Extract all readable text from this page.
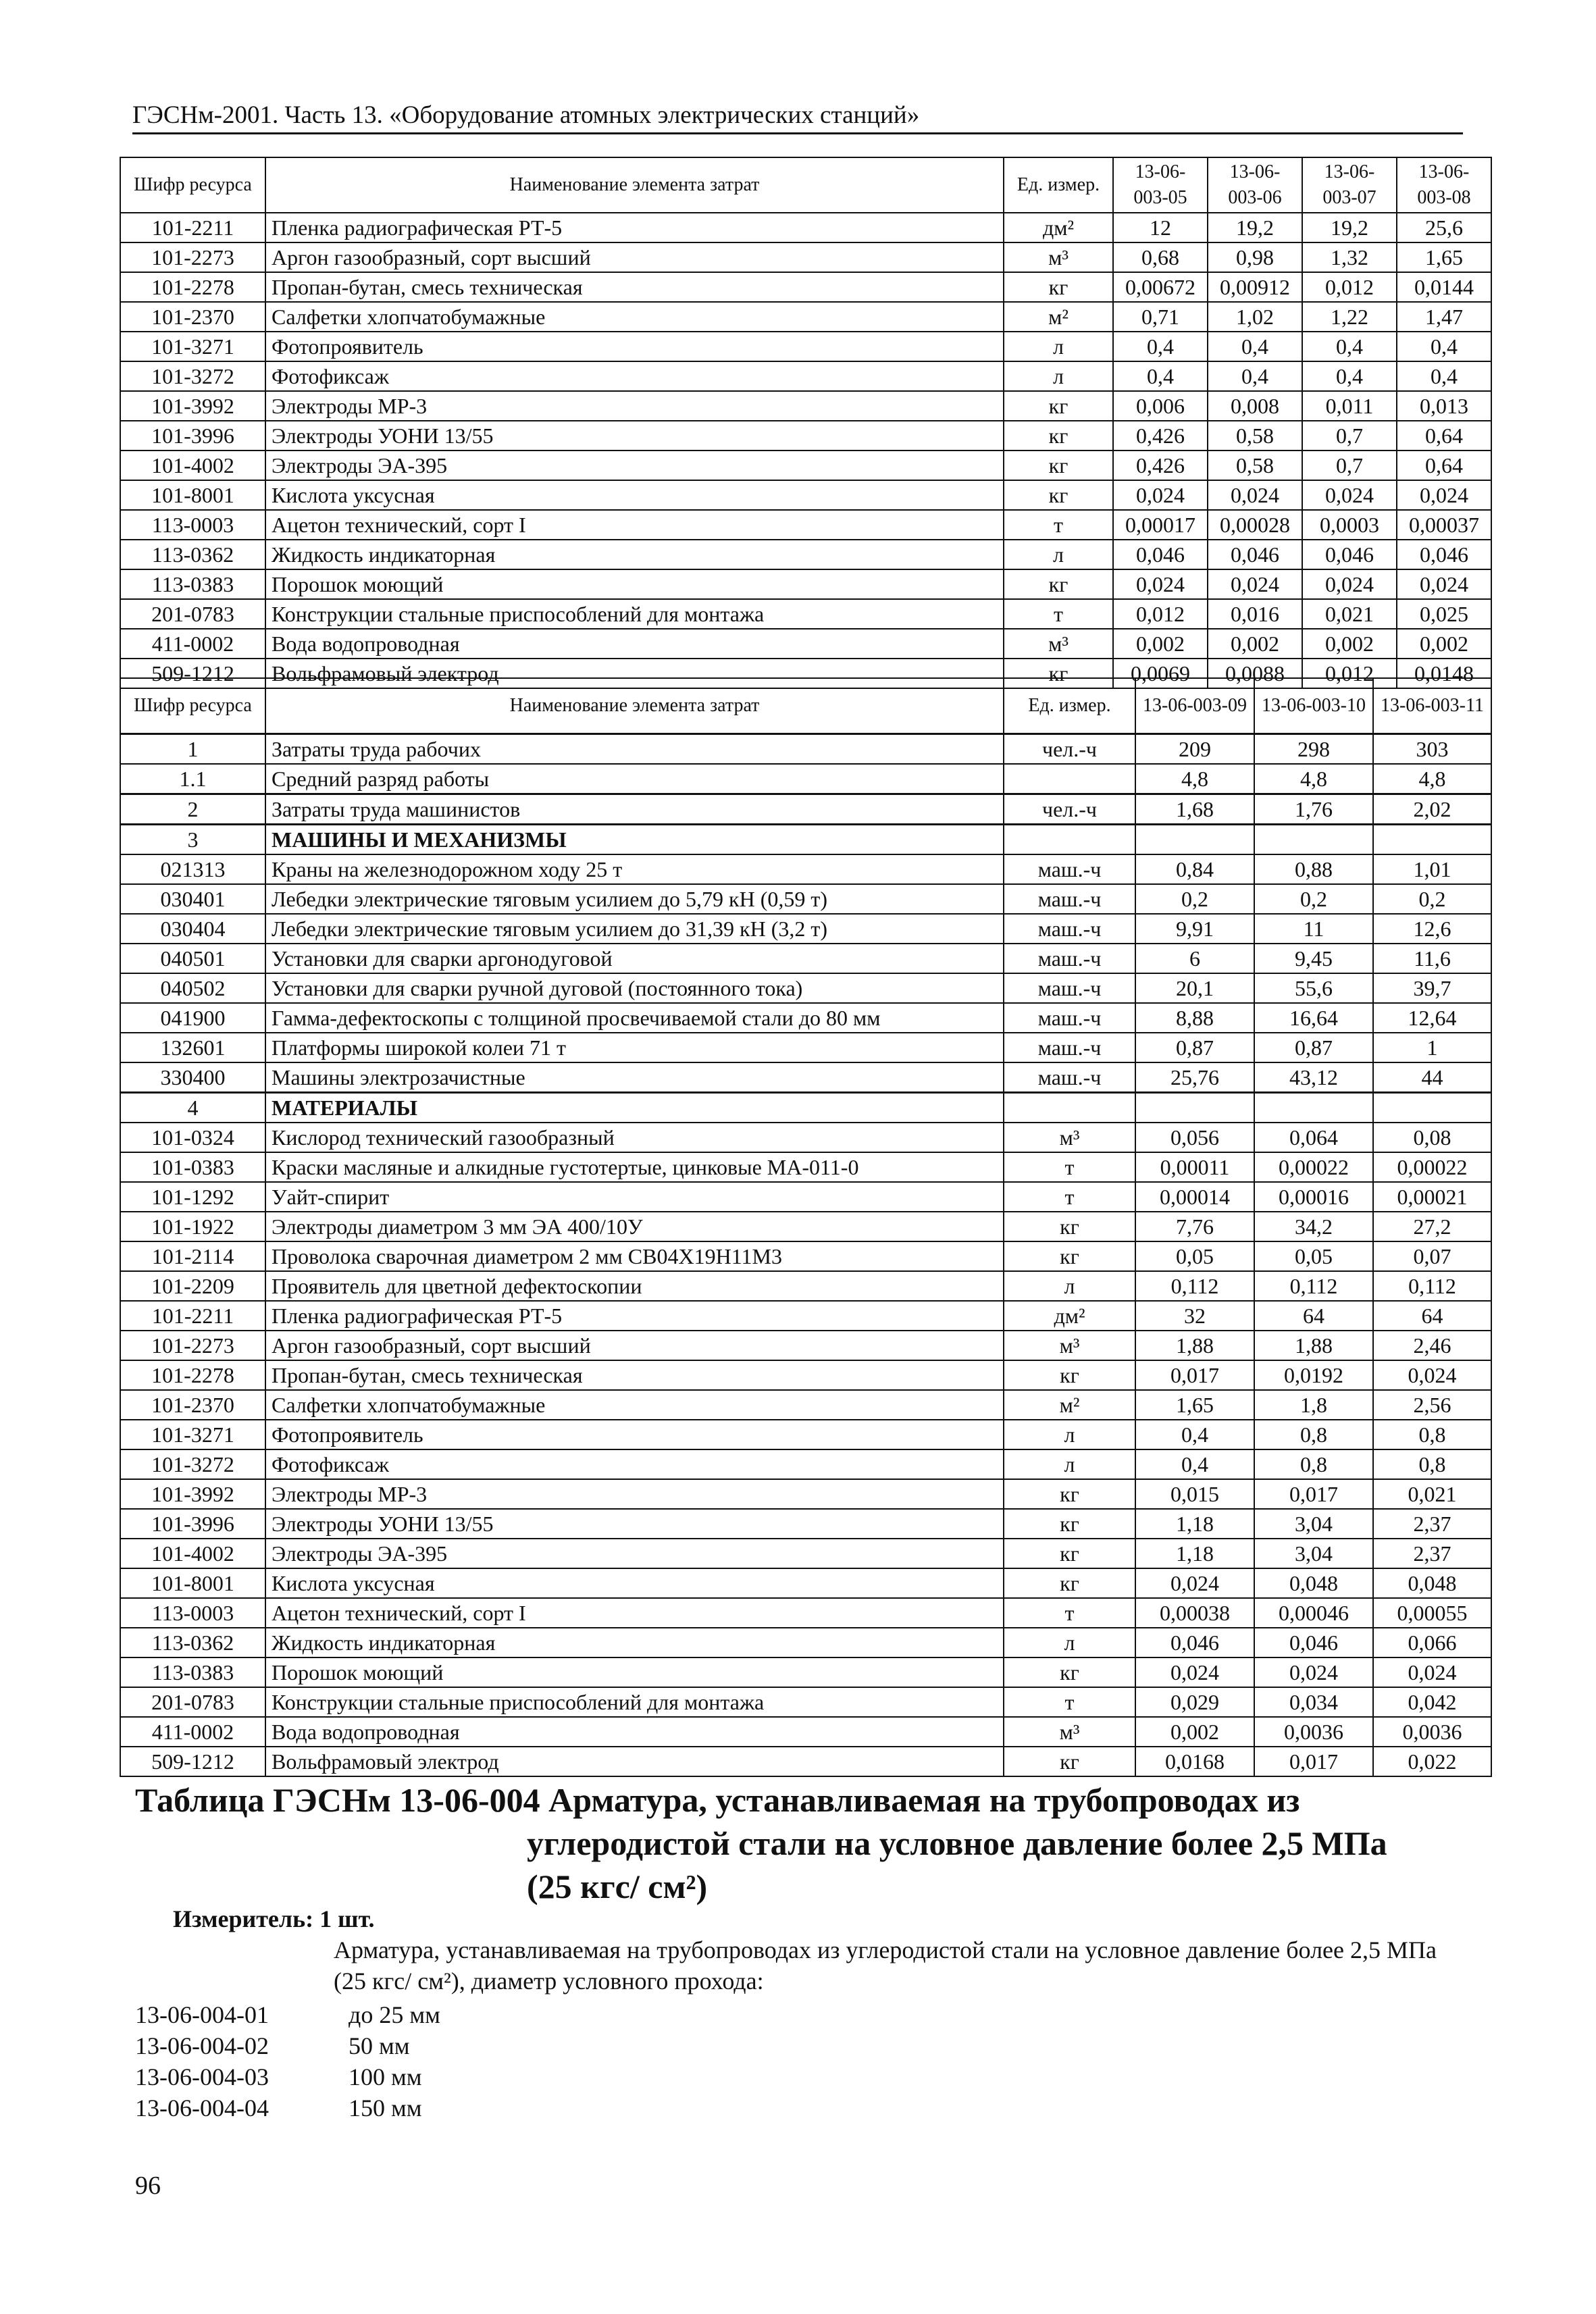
ГЭСНм-2001. Часть 13. «Оборудование атомных электрических станций»
Шифр ресурса	Наименование элемента затрат	Ед. измер.	13-06-003-05	13-06-003-06	13-06-003-07	13-06-003-08
101-2211	Пленка радиографическая РТ-5	дм²	12	19,2	19,2	25,6
101-2273	Аргон газообразный, сорт высший	м³	0,68	0,98	1,32	1,65
101-2278	Пропан-бутан, смесь техническая	кг	0,00672	0,00912	0,012	0,0144
101-2370	Салфетки хлопчатобумажные	м²	0,71	1,02	1,22	1,47
101-3271	Фотопроявитель	л	0,4	0,4	0,4	0,4
101-3272	Фотофиксаж	л	0,4	0,4	0,4	0,4
101-3992	Электроды МР-3	кг	0,006	0,008	0,011	0,013
101-3996	Электроды УОНИ 13/55	кг	0,426	0,58	0,7	0,64
101-4002	Электроды ЭА-395	кг	0,426	0,58	0,7	0,64
101-8001	Кислота уксусная	кг	0,024	0,024	0,024	0,024
113-0003	Ацетон технический, сорт I	т	0,00017	0,00028	0,0003	0,00037
113-0362	Жидкость индикаторная	л	0,046	0,046	0,046	0,046
113-0383	Порошок моющий	кг	0,024	0,024	0,024	0,024
201-0783	Конструкции стальные приспособлений для монтажа	т	0,012	0,016	0,021	0,025
411-0002	Вода водопроводная	м³	0,002	0,002	0,002	0,002
509-1212	Вольфрамовый электрод	кг	0,0069	0,0088	0,012	0,0148
Шифр ресурса	Наименование элемента затрат	Ед. измер.	13-06-003-09	13-06-003-10	13-06-003-11
1	Затраты труда рабочих	чел.-ч	209	298	303
1.1	Средний разряд работы		4,8	4,8	4,8
2	Затраты труда машинистов	чел.-ч	1,68	1,76	2,02
3	МАШИНЫ И МЕХАНИЗМЫ				
021313	Краны на железнодорожном ходу 25 т	маш.-ч	0,84	0,88	1,01
030401	Лебедки электрические тяговым усилием до 5,79 кН (0,59 т)	маш.-ч	0,2	0,2	0,2
030404	Лебедки электрические тяговым усилием до 31,39 кН (3,2 т)	маш.-ч	9,91	11	12,6
040501	Установки для сварки аргонодуговой	маш.-ч	6	9,45	11,6
040502	Установки для сварки ручной дуговой (постоянного тока)	маш.-ч	20,1	55,6	39,7
041900	Гамма-дефектоскопы с толщиной просвечиваемой стали до 80 мм	маш.-ч	8,88	16,64	12,64
132601	Платформы широкой колеи 71 т	маш.-ч	0,87	0,87	1
330400	Машины электрозачистные	маш.-ч	25,76	43,12	44
4	МАТЕРИАЛЫ				
101-0324	Кислород технический газообразный	м³	0,056	0,064	0,08
101-0383	Краски масляные и алкидные густотертые, цинковые МА-011-0	т	0,00011	0,00022	0,00022
101-1292	Уайт-спирит	т	0,00014	0,00016	0,00021
101-1922	Электроды диаметром 3 мм ЭА 400/10У	кг	7,76	34,2	27,2
101-2114	Проволока сварочная диаметром 2 мм СВ04Х19Н11М3	кг	0,05	0,05	0,07
101-2209	Проявитель для цветной дефектоскопии	л	0,112	0,112	0,112
101-2211	Пленка радиографическая РТ-5	дм²	32	64	64
101-2273	Аргон газообразный, сорт высший	м³	1,88	1,88	2,46
101-2278	Пропан-бутан, смесь техническая	кг	0,017	0,0192	0,024
101-2370	Салфетки хлопчатобумажные	м²	1,65	1,8	2,56
101-3271	Фотопроявитель	л	0,4	0,8	0,8
101-3272	Фотофиксаж	л	0,4	0,8	0,8
101-3992	Электроды МР-3	кг	0,015	0,017	0,021
101-3996	Электроды УОНИ 13/55	кг	1,18	3,04	2,37
101-4002	Электроды ЭА-395	кг	1,18	3,04	2,37
101-8001	Кислота уксусная	кг	0,024	0,048	0,048
113-0003	Ацетон технический, сорт I	т	0,00038	0,00046	0,00055
113-0362	Жидкость индикаторная	л	0,046	0,046	0,066
113-0383	Порошок моющий	кг	0,024	0,024	0,024
201-0783	Конструкции стальные приспособлений для монтажа	т	0,029	0,034	0,042
411-0002	Вода водопроводная	м³	0,002	0,0036	0,0036
509-1212	Вольфрамовый электрод	кг	0,0168	0,017	0,022
Таблица ГЭСНм 13-06-004 Арматура, устанавливаемая на трубопроводах из
углеродистой стали на условное давление более 2,5 МПа (25 кгс/ см²)
Измеритель: 1 шт.
Арматура, устанавливаемая на трубопроводах из углеродистой стали на условное давление более 2,5 МПа (25 кгс/ см²), диаметр условного прохода:
13-06-004-01	до 25 мм
13-06-004-02	50 мм
13-06-004-03	100 мм
13-06-004-04	150 мм
96
